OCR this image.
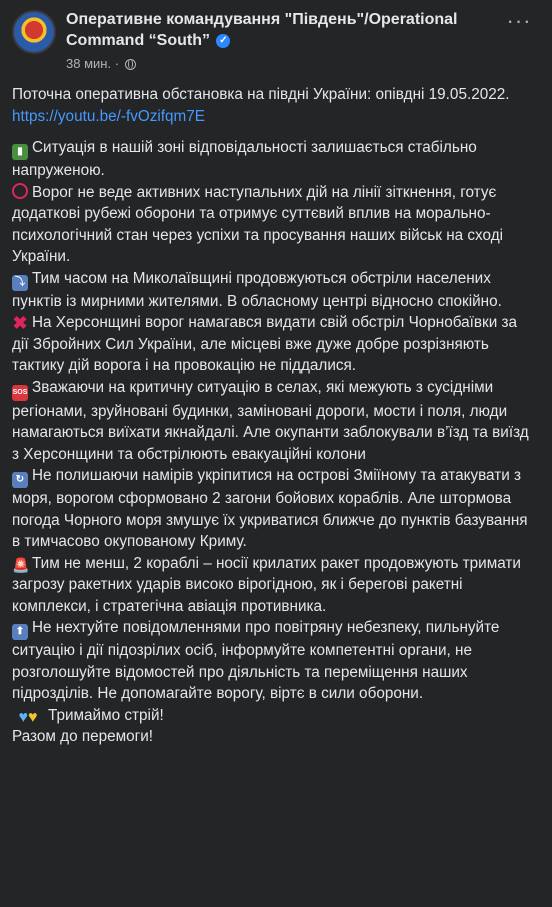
Оперативне командування "Південь"/Operational Command “South” ✓
38 мин. ·
···

Поточна оперативна обстановка на півдні України: опівдні 19.05.2022.

https://youtu.be/-fvOzifqm7E

▮ Ситуація в нашій зоні відповідальності залишається стабільно напруженою.

Ворог не веде активних наступальних дій на лінії зіткнення, готує додаткові рубежі оборони та отримує суттєвий вплив на морально-психологічний стан через успіхи та просування наших військ на сході України.

⤵ Тим часом на Миколаївщині продовжуються обстріли населених пунктів із мирними жителями. В обласному центрі відносно спокійно.

✖ На Херсонщині ворог намагався видати свій обстріл Чорнобаївки за дії Збройних Сил України, але місцеві вже дуже добре розрізняють тактику дій ворога і на провокацію не піддалися.

SOS Зважаючи на критичну ситуацію в селах, які межують з сусідніми регіонами, зруйновані будинки, заміновані дороги, мости і поля, люди намагаються виїхати якнайдалі. Але окупанти заблокували в’їзд та виїзд з Херсонщини та обстрілюють евакуаційні колони

↻ Не полишаючи намірів укріпитися на острові Зміїному та атакувати з моря, ворогом сформовано 2 загони бойових кораблів. Але штормова погода Чорного моря змушує їх укриватися ближче до пунктів базування в тимчасово окупованому Криму.

🚨 Тим не менш, 2 кораблі – носії крилатих ракет продовжують тримати загрозу ракетних ударів високо вірогідною, як і берегові ракетні комплекси, і стратегічна авіація противника.

⬆ Не нехтуйте повідомленнями про повітряну небезпеку, пильнуйте ситуацію і дії підозрілих осіб, інформуйте компетентні органи, не розголошуйте відомостей про діяльність та переміщення наших підрозділів. Не допомагайте ворогу, віртє в сили оборони.

♥♥ Тримаймо стрій!

Разом до перемоги!
